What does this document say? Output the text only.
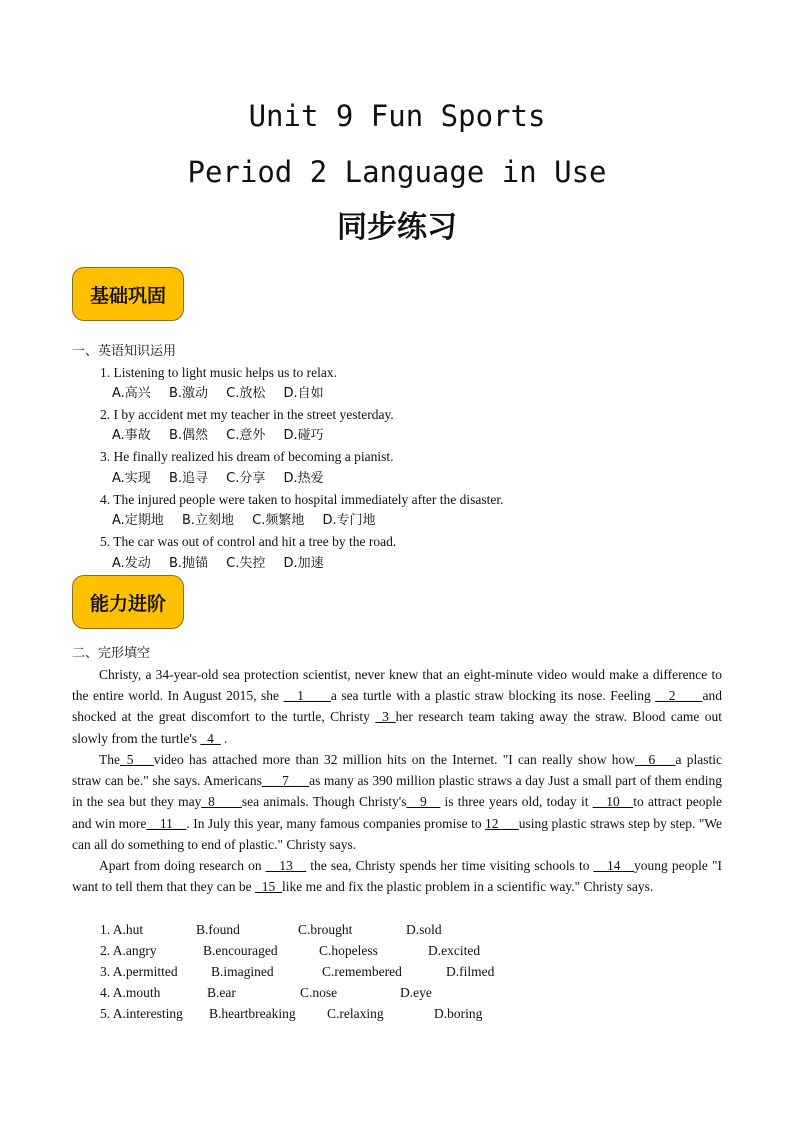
Unit 9 Fun Sports
Period 2 Language in Use
同步练习
基础巩固
一、英语知识运用
1. Listening to light music helps us to relax.
A.高兴 B.激动 C.放松 D.自如
2. I by accident met my teacher in the street yesterday.
A.事故 B.偶然 C.意外 D.碰巧
3. He finally realized his dream of becoming a pianist.
A.实现 B.追寻 C.分享 D.热爱
4. The injured people were taken to hospital immediately after the disaster.
A.定期地 B.立刻地 C.频繁地 D.专门地
5. The car was out of control and hit a tree by the road.
A.发动 B.抛锚 C.失控 D.加速
能力进阶
二、完形填空
Christy, a 34-year-old sea protection scientist, never knew that an eight-minute video would make a difference to the entire world. In August 2015, she __1____a sea turtle with a plastic straw blocking its nose. Feeling __2____and shocked at the great discomfort to the turtle, Christy _3_her research team taking away the straw. Blood came out slowly from the turtle's _4_ .
The_5___video has attached more than 32 million hits on the Internet. "I can really show how__6___a plastic straw can be." she says. Americans___7___as many as 390 million plastic straws a day Just a small part of them ending in the sea but they may_8____sea animals. Though Christy's__9__ is three years old, today it __10__to attract people and win more__11__. In July this year, many famous companies promise to 12___using plastic straws step by step. "We can all do something to end of plastic." Christy says.
Apart from doing research on __13__ the sea, Christy spends her time visiting schools to __14__young people "I want to tell them that they can be _15_like me and fix the plastic problem in a scientific way." Christy says.
1. A.hut	B.found	C.brought	D.sold
2. A.angry	B.encouraged	C.hopeless	D.excited
3. A.permitted B.imagined	C.remembered	D.filmed
4. A.mouth	B.ear	C.nose	D.eye
5. A.interesting B.heartbreaking C.relaxing	D.boring
